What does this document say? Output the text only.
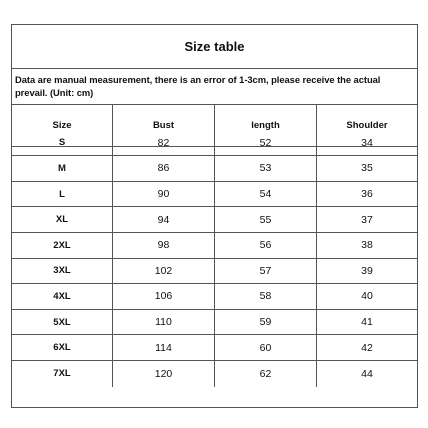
Size table
Data are manual measurement, there is an error of 1-3cm, please receive the actual prevail. (Unit: cm)
Size	Bust	length	Shoulder
S	82	52	34
M	86	53	35
L	90	54	36
XL	94	55	37
2XL	98	56	38
3XL	102	57	39
4XL	106	58	40
5XL	110	59	41
6XL	114	60	42
7XL	120	62	44
